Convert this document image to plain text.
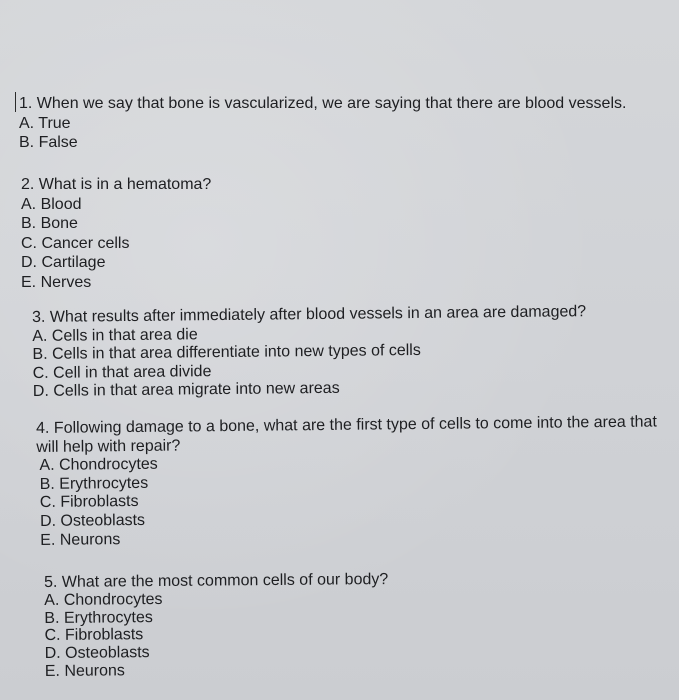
1. When we say that bone is vascularized, we are saying that there are blood vessels.
A. True
B. False
2. What is in a hematoma?
A. Blood
B. Bone
C. Cancer cells
D. Cartilage
E. Nerves
3. What results after immediately after blood vessels in an area are damaged?
A. Cells in that area die
B. Cells in that area differentiate into new types of cells
C. Cell in that area divide
D. Cells in that area migrate into new areas
4. Following damage to a bone, what are the first type of cells to come into the area that
will help with repair?
A. Chondrocytes
B. Erythrocytes
C. Fibroblasts
D. Osteoblasts
E. Neurons
5. What are the most common cells of our body?
A. Chondrocytes
B. Erythrocytes
C. Fibroblasts
D. Osteoblasts
E. Neurons
